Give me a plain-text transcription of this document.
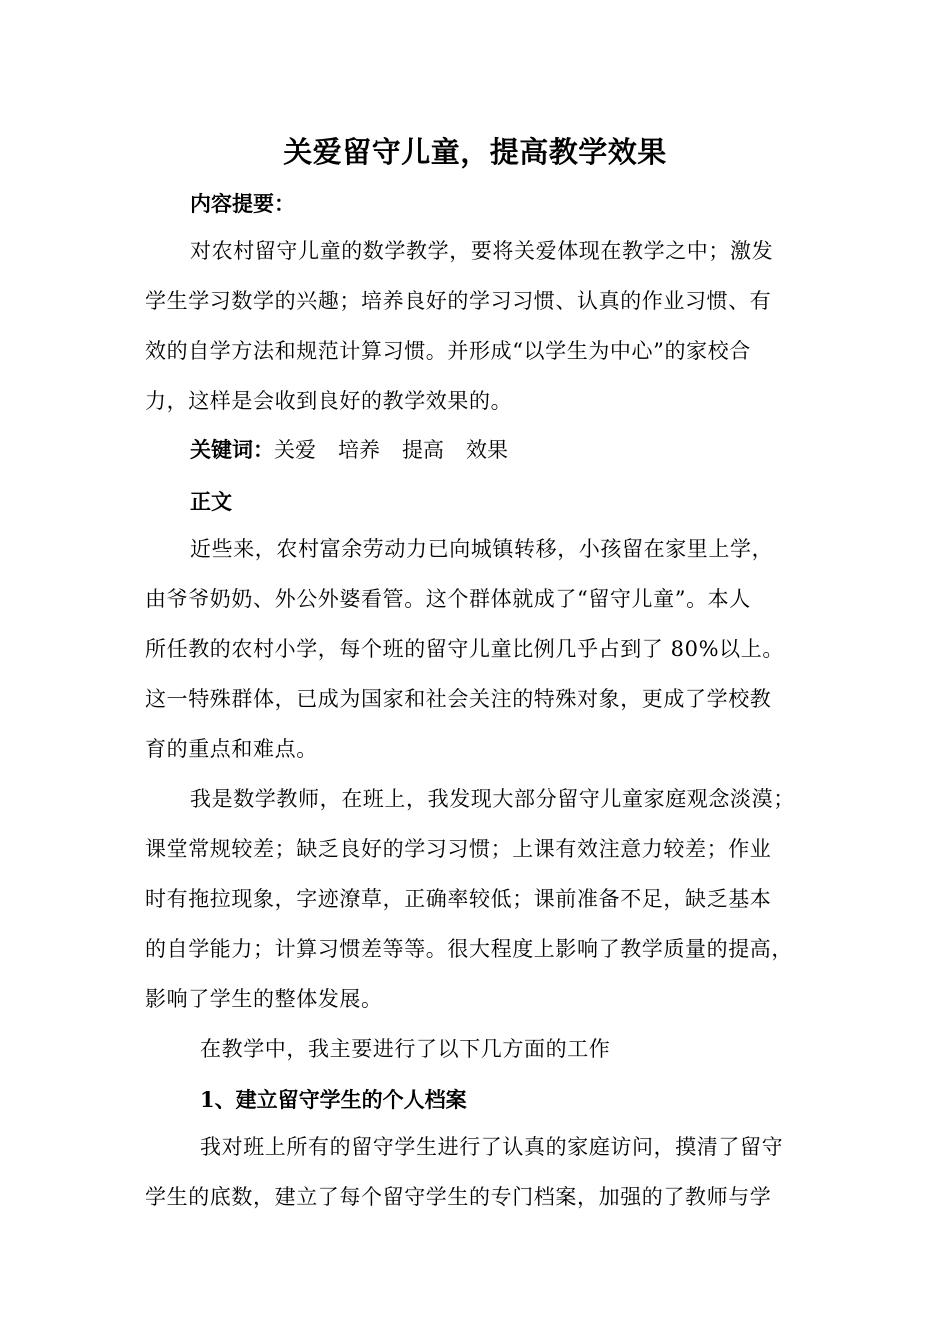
关爱留守儿童，提高教学效果
内容提要：
对农村留守儿童的数学教学，要将关爱体现在教学之中；激发
学生学习数学的兴趣；培养良好的学习习惯、认真的作业习惯、有
效的自学方法和规范计算习惯。并形成“以学生为中心”的家校合
力，这样是会收到良好的教学效果的。
关键词：关爱 培养 提高 效果
正文
近些来，农村富余劳动力已向城镇转移，小孩留在家里上学，
由爷爷奶奶、外公外婆看管。这个群体就成了“留守儿童”。本人
所任教的农村小学，每个班的留守儿童比例几乎占到了 80%以上。
这一特殊群体，已成为国家和社会关注的特殊对象，更成了学校教
育的重点和难点。
我是数学教师，在班上，我发现大部分留守儿童家庭观念淡漠；
课堂常规较差；缺乏良好的学习习惯；上课有效注意力较差；作业
时有拖拉现象，字迹潦草，正确率较低；课前准备不足，缺乏基本
的自学能力；计算习惯差等等。很大程度上影响了教学质量的提高，
影响了学生的整体发展。
在教学中，我主要进行了以下几方面的工作
1、建立留守学生的个人档案
我对班上所有的留守学生进行了认真的家庭访问，摸清了留守
学生的底数，建立了每个留守学生的专门档案，加强的了教师与学
